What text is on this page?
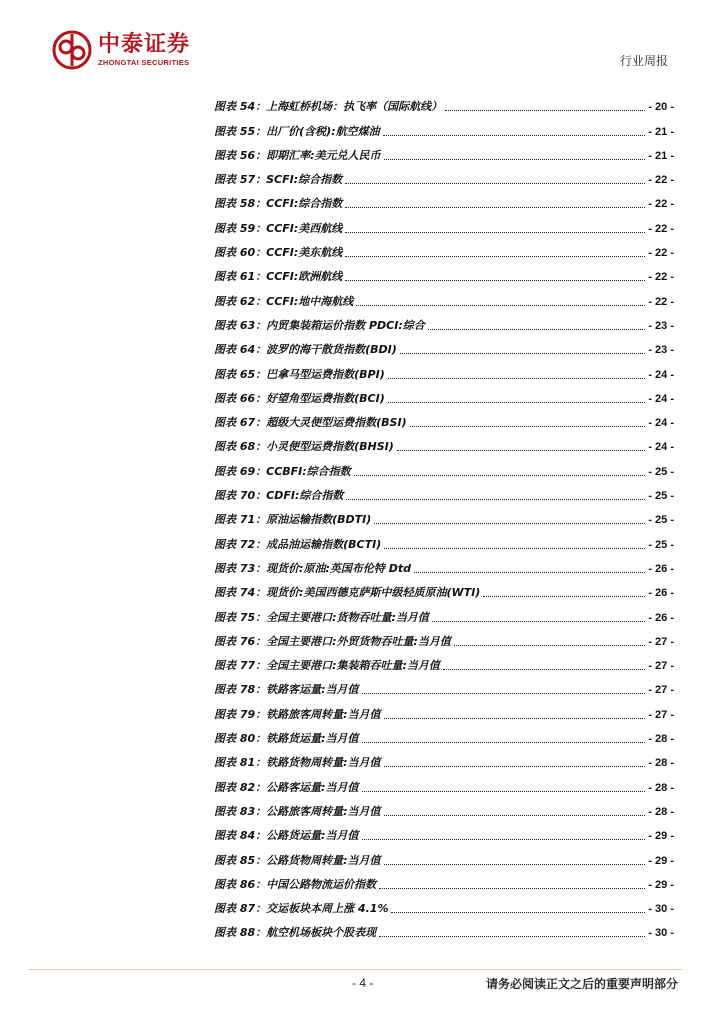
中泰证券
ZHONGTAI SECURITIES	行业周报
图表 54：上海虹桥机场：执飞率（国际航线）	- 20 -
图表 55：出厂价(含税):航空煤油	- 21 -
图表 56：即期汇率:美元兑人民币	- 21 -
图表 57：SCFI:综合指数	- 22 -
图表 58：CCFI:综合指数	- 22 -
图表 59：CCFI:美西航线	- 22 -
图表 60：CCFI:美东航线	- 22 -
图表 61：CCFI:欧洲航线	- 22 -
图表 62：CCFI:地中海航线	- 22 -
图表 63：内贸集装箱运价指数 PDCI:综合	- 23 -
图表 64：波罗的海干散货指数(BDI)	- 23 -
图表 65：巴拿马型运费指数(BPI)	- 24 -
图表 66：好望角型运费指数(BCI)	- 24 -
图表 67：超级大灵便型运费指数(BSI)	- 24 -
图表 68：小灵便型运费指数(BHSI)	- 24 -
图表 69：CCBFI:综合指数	- 25 -
图表 70：CDFI:综合指数	- 25 -
图表 71：原油运输指数(BDTI)	- 25 -
图表 72：成品油运输指数(BCTI)	- 25 -
图表 73：现货价:原油:英国布伦特 Dtd	- 26 -
图表 74：现货价:美国西德克萨斯中级轻质原油(WTI)	- 26 -
图表 75：全国主要港口:货物吞吐量:当月值	- 26 -
图表 76：全国主要港口:外贸货物吞吐量:当月值	- 27 -
图表 77：全国主要港口:集装箱吞吐量:当月值	- 27 -
图表 78：铁路客运量:当月值	- 27 -
图表 79：铁路旅客周转量:当月值	- 27 -
图表 80：铁路货运量:当月值	- 28 -
图表 81：铁路货物周转量:当月值	- 28 -
图表 82：公路客运量:当月值	- 28 -
图表 83：公路旅客周转量:当月值	- 28 -
图表 84：公路货运量:当月值	- 29 -
图表 85：公路货物周转量:当月值	- 29 -
图表 86：中国公路物流运价指数	- 29 -
图表 87：交运板块本周上涨 4.1%	- 30 -
图表 88：航空机场板块个股表现	- 30 -
- 4 -	请务必阅读正文之后的重要声明部分
